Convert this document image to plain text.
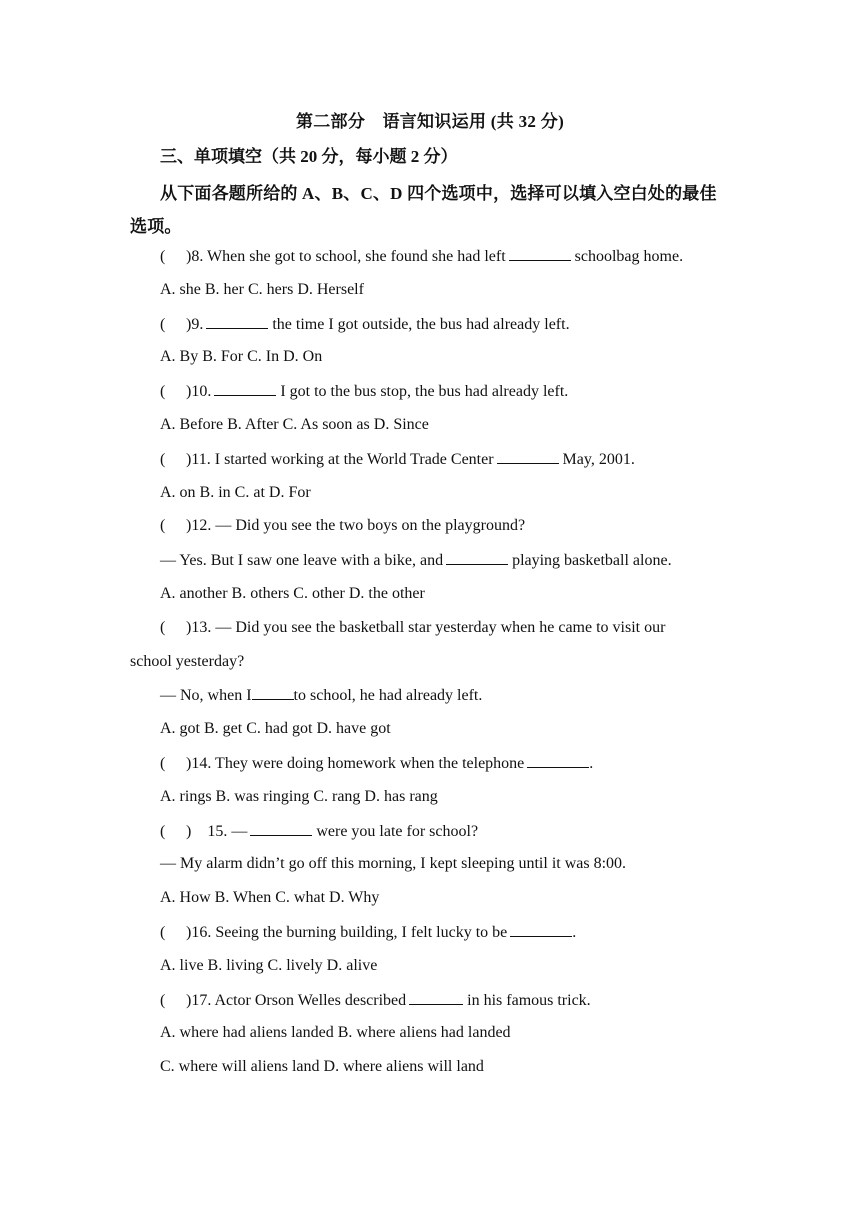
第二部分　语言知识运用 (共 32 分)
三、单项填空（共 20 分，每小题 2 分）
从下面各题所给的 A、B、C、D 四个选项中，选择可以填入空白处的最佳选项。
( )8. When she got to school, she found she had left	schoolbag home.
A. she B. her C. hers D. Herself
( )9.	the time I got outside, the bus had already left.
A. By B. For C. In D. On
( )10.	I got to the bus stop, the bus had already left.
A. Before B. After C. As soon as D. Since
( )11. I started working at the World Trade Center	May, 2001.
A. on B. in C. at D. For
( )12. — Did you see the two boys on the playground?
— Yes. But I saw one leave with a bike, and	playing basketball alone.
A. another B. others C. other D. the other
( )13. — Did you see the basketball star yesterday when he came to visit our
school yesterday?
— No, when I	to school, he had already left.
A. got B. get C. had got D. have got
( )14. They were doing homework when the telephone	.
A. rings B. was ringing C. rang D. has rang
( )    15. —	were you late for school?
— My alarm didn’t go off this morning, I kept sleeping until it was 8:00.
A. How B. When C. what D. Why
( )16. Seeing the burning building, I felt lucky to be	.
A. live B. living C. lively D. alive
( )17. Actor Orson Welles described	in his famous trick.
A. where had aliens landed B. where aliens had landed
C. where will aliens land D. where aliens will land
